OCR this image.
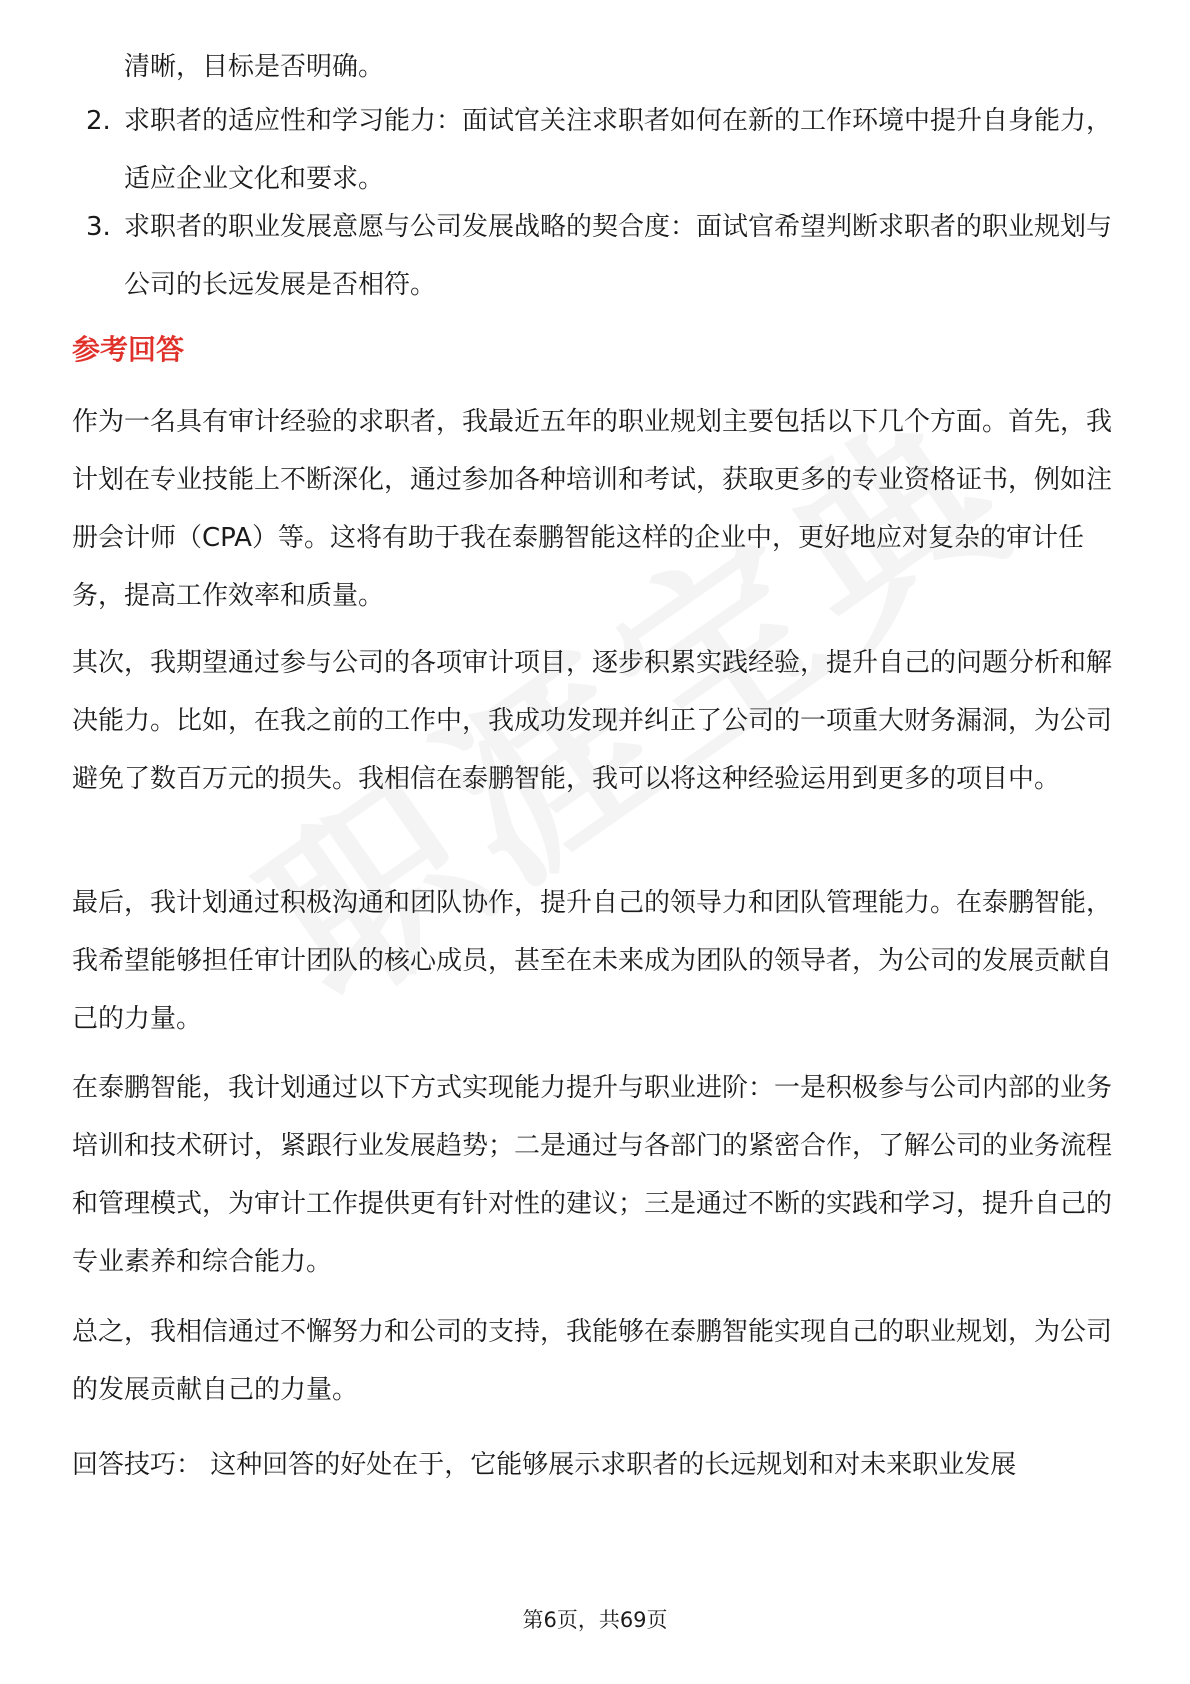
清晰，目标是否明确。

2. 求职者的适应性和学习能力：面试官关注求职者如何在新的工作环境中提升自身能力，适应企业文化和要求。
3. 求职者的职业发展意愿与公司发展战略的契合度：面试官希望判断求职者的职业规划与公司的长远发展是否相符。
参考回答

作为一名具有审计经验的求职者，我最近五年的职业规划主要包括以下几个方面。首先，我计划在专业技能上不断深化，通过参加各种培训和考试，获取更多的专业资格证书，例如注册会计师（CPA）等。这将有助于我在泰鹏智能这样的企业中，更好地应对复杂的审计任务，提高工作效率和质量。

其次，我期望通过参与公司的各项审计项目，逐步积累实践经验，提升自己的问题分析和解决能力。比如，在我之前的工作中，我成功发现并纠正了公司的一项重大财务漏洞，为公司避免了数百万元的损失。我相信在泰鹏智能，我可以将这种经验运用到更多的项目中。

最后，我计划通过积极沟通和团队协作，提升自己的领导力和团队管理能力。在泰鹏智能，我希望能够担任审计团队的核心成员，甚至在未来成为团队的领导者，为公司的发展贡献自己的力量。

在泰鹏智能，我计划通过以下方式实现能力提升与职业进阶：一是积极参与公司内部的业务培训和技术研讨，紧跟行业发展趋势；二是通过与各部门的紧密合作，了解公司的业务流程和管理模式，为审计工作提供更有针对性的建议；三是通过不断的实践和学习，提升自己的专业素养和综合能力。

总之，我相信通过不懈努力和公司的支持，我能够在泰鹏智能实现自己的职业规划，为公司的发展贡献自己的力量。

回答技巧： 这种回答的好处在于，它能够展示求职者的长远规划和对未来职业发展

第6页，共69页
